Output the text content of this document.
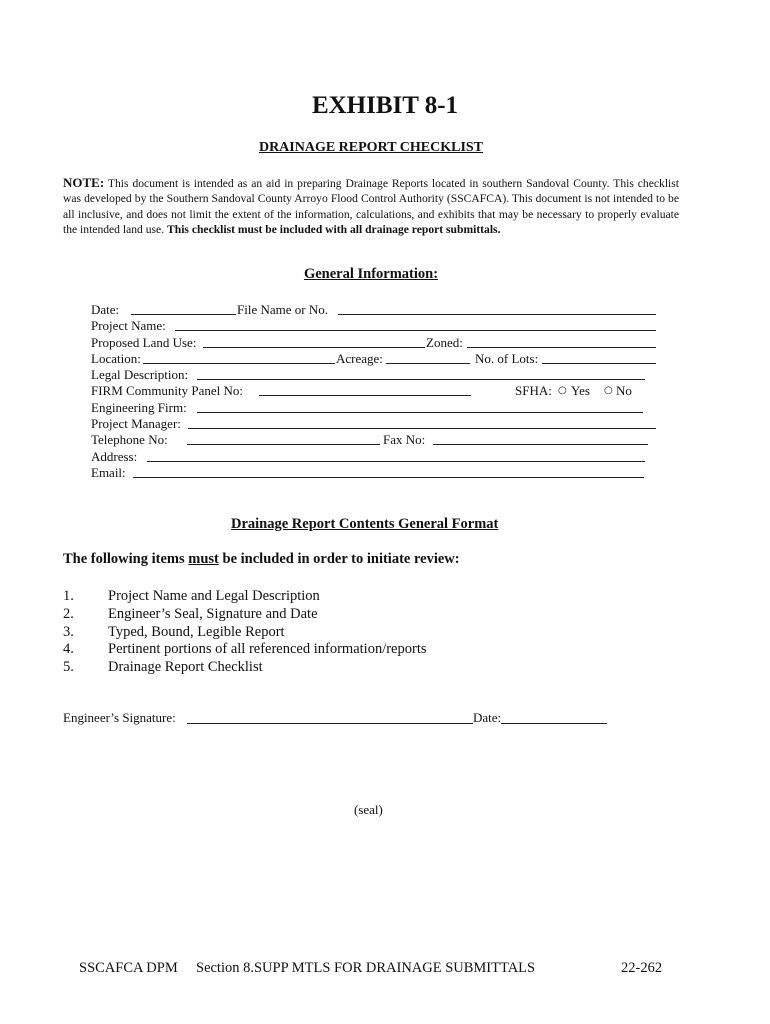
EXHIBIT 8-1
DRAINAGE REPORT CHECKLIST
NOTE: This document is intended as an aid in preparing Drainage Reports located in southern Sandoval County. This checklist was developed by the Southern Sandoval County Arroyo Flood Control Authority (SSCAFCA). This document is not intended to be all inclusive, and does not limit the extent of the information, calculations, and exhibits that may be necessary to properly evaluate the intended land use. This checklist must be included with all drainage report submittals.
General Information:
Date:	File Name or No.
Project Name:
Proposed Land Use:	Zoned:
Location:	Acreage:	No. of Lots:
Legal Description:
FIRM Community Panel No:	SFHA: ○ Yes ○ No
Engineering Firm:
Project Manager:
Telephone No:	Fax No:
Address:
Email:
Drainage Report Contents General Format
The following items must be included in order to initiate review:
1. Project Name and Legal Description
2. Engineer’s Seal, Signature and Date
3. Typed, Bound, Legible Report
4. Pertinent portions of all referenced information/reports
5. Drainage Report Checklist
Engineer’s Signature:	Date:
(seal)
SSCAFCA DPM Section 8.SUPP MTLS FOR DRAINAGE SUBMITTALS	22-262
